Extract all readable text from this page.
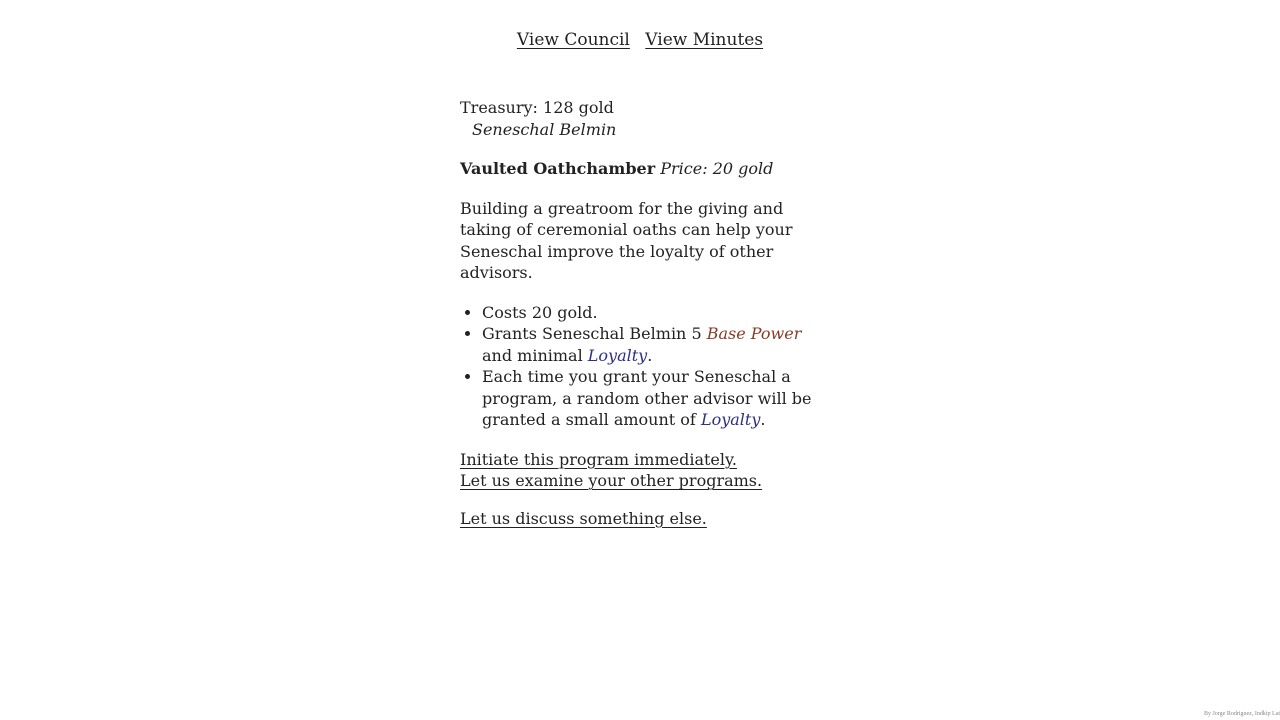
View Council View Minutes

Treasury: 128 gold

Seneschal Belmin

Vaulted Oathchamber Price: 20 gold

Building a greatroom for the giving and taking of ceremonial oaths can help your Seneschal improve the loyalty of other advisors.

• Costs 20 gold.
• Grants Seneschal Belmin 5 Base Power and minimal Loyalty.
• Each time you grant your Seneschal a program, a random other advisor will be granted a small amount of Loyalty.
Initiate this program immediately.
Let us examine your other programs.
Let us discuss something else.
By Jorge Rodriguez, Indkip Lat
